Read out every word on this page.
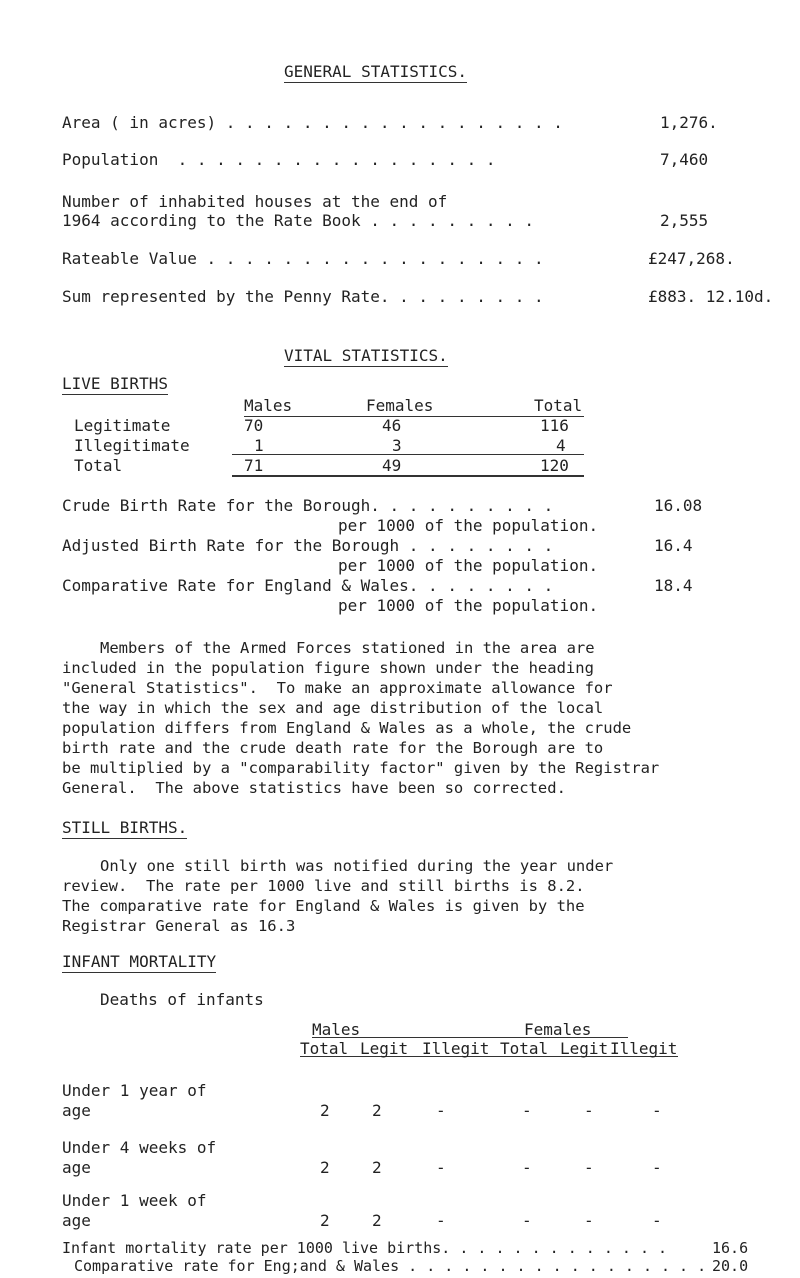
GENERAL STATISTICS.
Area ( in acres) . . . . . . . . . . . . . . . . . .	1,276.
Population  . . . . . . . . . . . . . . . . .	7,460
Number of inhabited houses at the end of
1964 according to the Rate Book . . . . . . . . .	2,555
Rateable Value . . . . . . . . . . . . . . . . . .	£247,268.
Sum represented by the Penny Rate. . . . . . . . .	£883. 12.10d.
VITAL STATISTICS.
LIVE BIRTHS
Males	Females	Total
Legitimate	70	46	116
Illegitimate	1	3	4
Total	71	49	120
Crude Birth Rate for the Borough. . . . . . . . . .	16.08
per 1000 of the population.
Adjusted Birth Rate for the Borough . . . . . . . .	16.4
per 1000 of the population.
Comparative Rate for England & Wales. . . . . . . .	18.4
per 1000 of the population.
Members of the Armed Forces stationed in the area are
included in the population figure shown under the heading
"General Statistics".  To make an approximate allowance for
the way in which the sex and age distribution of the local
population differs from England & Wales as a whole, the crude
birth rate and the crude death rate for the Borough are to
be multiplied by a "comparability factor" given by the Registrar
General.  The above statistics have been so corrected.
STILL BIRTHS.
Only one still birth was notified during the year under
review.  The rate per 1000 live and still births is 8.2.
The comparative rate for England & Wales is given by the
Registrar General as 16.3
INFANT MORTALITY
Deaths of infants
Males	Females
Total Legit Illegit Total Legit Illegit
Under 1 year of
age	2	2	-	-	-	-
Under 4 weeks of
age	2	2	-	-	-	-
Under 1 week of
age	2	2	-	-	-	-
Infant mortality rate per 1000 live births. . . . . . . . . . . . .	16.6
Comparative rate for Eng;and & Wales . . . . . . . . . . . . . . . . . 20.0
